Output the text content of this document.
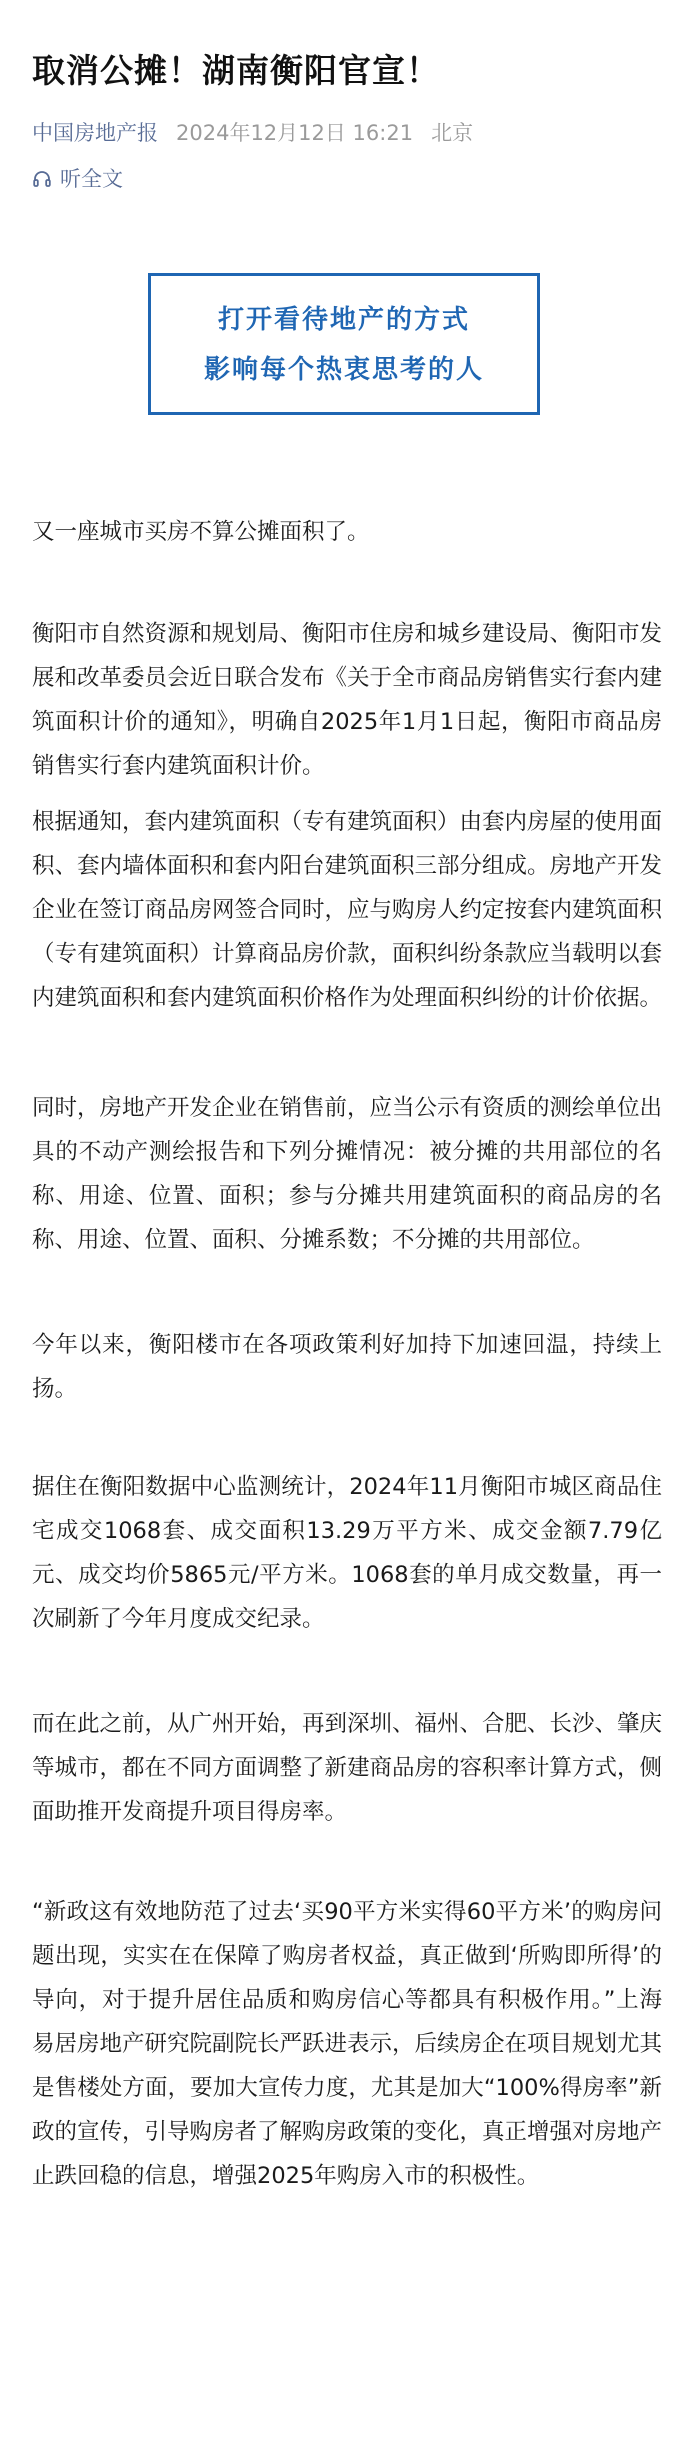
取消公摊！湖南衡阳官宣！
中国房地产报 2024年12月12日 16:21 北京
听全文
打开看待地产的方式
影响每个热衷思考的人

又一座城市买房不算公摊面积了。

衡阳市自然资源和规划局、衡阳市住房和城乡建设局、衡阳市发展和改革委员会近日联合发布《关于全市商品房销售实行套内建筑面积计价的通知》，明确自2025年1月1日起，衡阳市商品房销售实行套内建筑面积计价。

根据通知，套内建筑面积（专有建筑面积）由套内房屋的使用面积、套内墙体面积和套内阳台建筑面积三部分组成。房地产开发企业在签订商品房网签合同时，应与购房人约定按套内建筑面积（专有建筑面积）计算商品房价款，面积纠纷条款应当载明以套内建筑面积和套内建筑面积价格作为处理面积纠纷的计价依据。

同时，房地产开发企业在销售前，应当公示有资质的测绘单位出具的不动产测绘报告和下列分摊情况：被分摊的共用部位的名称、用途、位置、面积；参与分摊共用建筑面积的商品房的名称、用途、位置、面积、分摊系数；不分摊的共用部位。

今年以来，衡阳楼市在各项政策利好加持下加速回温，持续上扬。

据住在衡阳数据中心监测统计，2024年11月衡阳市城区商品住宅成交1068套、成交面积13.29万平方米、成交金额7.79亿元、成交均价5865元/平方米。1068套的单月成交数量，再一次刷新了今年月度成交纪录。

而在此之前，从广州开始，再到深圳、福州、合肥、长沙、肇庆等城市，都在不同方面调整了新建商品房的容积率计算方式，侧面助推开发商提升项目得房率。

“新政这有效地防范了过去‘买90平方米实得60平方米’的购房问题出现，实实在在保障了购房者权益，真正做到‘所购即所得’的导向，对于提升居住品质和购房信心等都具有积极作用。”上海易居房地产研究院副院长严跃进表示，后续房企在项目规划尤其是售楼处方面，要加大宣传力度，尤其是加大“100%得房率”新政的宣传，引导购房者了解购房政策的变化，真正增强对房地产止跌回稳的信息，增强2025年购房入市的积极性。
